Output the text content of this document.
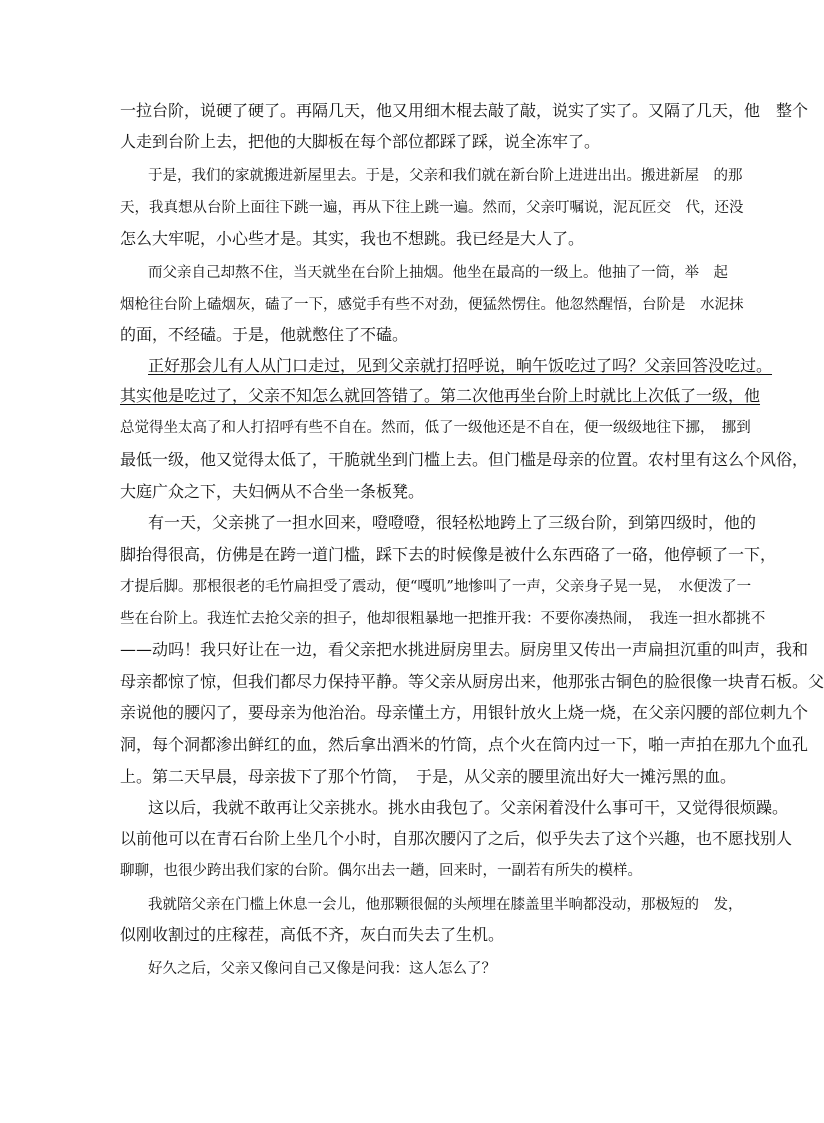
一拉台阶，说硬了硬了。再隔几天，他又用细木棍去敲了敲，说实了实了。又隔了几天，他　整个
人走到台阶上去，把他的大脚板在每个部位都踩了踩，说全冻牢了。
于是，我们的家就搬进新屋里去。于是，父亲和我们就在新台阶上进进出出。搬进新屋　的那
天，我真想从台阶上面往下跳一遍，再从下往上跳一遍。然而，父亲叮嘱说，泥瓦匠交　代，还没
怎么大牢呢，小心些才是。其实，我也不想跳。我已经是大人了。
而父亲自己却熬不住，当天就坐在台阶上抽烟。他坐在最高的一级上。他抽了一筒，举　起
烟枪往台阶上磕烟灰，磕了一下，感觉手有些不对劲，便猛然愣住。他忽然醒悟，台阶是　水泥抹
的面，不经磕。于是，他就憋住了不磕。
正好那会儿有人从门口走过，见到父亲就打招呼说，晌午饭吃过了吗？父亲回答没吃过。
其实他是吃过了，父亲不知怎么就回答错了。第二次他再坐台阶上时就比上次低了一级，他
总觉得坐太高了和人打招呼有些不自在。然而，低了一级他还是不自在，便一级级地往下挪，　挪到
最低一级，他又觉得太低了，干脆就坐到门槛上去。但门槛是母亲的位置。农村里有这么个风俗，
大庭广众之下，夫妇俩从不合坐一条板凳。
有一天，父亲挑了一担水回来，噔噔噔，很轻松地跨上了三级台阶，到第四级时，他的
脚抬得很高，仿佛是在跨一道门槛，踩下去的时候像是被什么东西硌了一硌，他停顿了一下，
才提后脚。那根很老的毛竹扁担受了震动，便“嘎叽”地惨叫了一声，父亲身子晃一晃，　水便泼了一
些在台阶上。我连忙去抢父亲的担子，他却很粗暴地一把推开我：不要你凑热闹，　我连一担水都挑不
——动吗！我只好让在一边，看父亲把水挑进厨房里去。厨房里又传出一声扁担沉重的叫声，我和
母亲都惊了惊，但我们都尽力保持平静。等父亲从厨房出来，他那张古铜色的脸很像一块青石板。父
亲说他的腰闪了，要母亲为他治治。母亲懂土方，用银针放火上烧一烧，在父亲闪腰的部位刺九个
洞，每个洞都渗出鲜红的血，然后拿出酒米的竹筒，点个火在筒内过一下，啪一声拍在那九个血孔
上。第二天早晨，母亲拔下了那个竹筒，　于是，从父亲的腰里流出好大一摊污黑的血。
这以后，我就不敢再让父亲挑水。挑水由我包了。父亲闲着没什么事可干，又觉得很烦躁。
以前他可以在青石台阶上坐几个小时，自那次腰闪了之后，似乎失去了这个兴趣，也不愿找别人
聊聊，也很少跨出我们家的台阶。偶尔出去一趟，回来时，一副若有所失的模样。
我就陪父亲在门槛上休息一会儿，他那颗很倔的头颅埋在膝盖里半晌都没动，那极短的　发，
似刚收割过的庄稼茬，高低不齐，灰白而失去了生机。
好久之后，父亲又像问自己又像是问我：这人怎么了？
